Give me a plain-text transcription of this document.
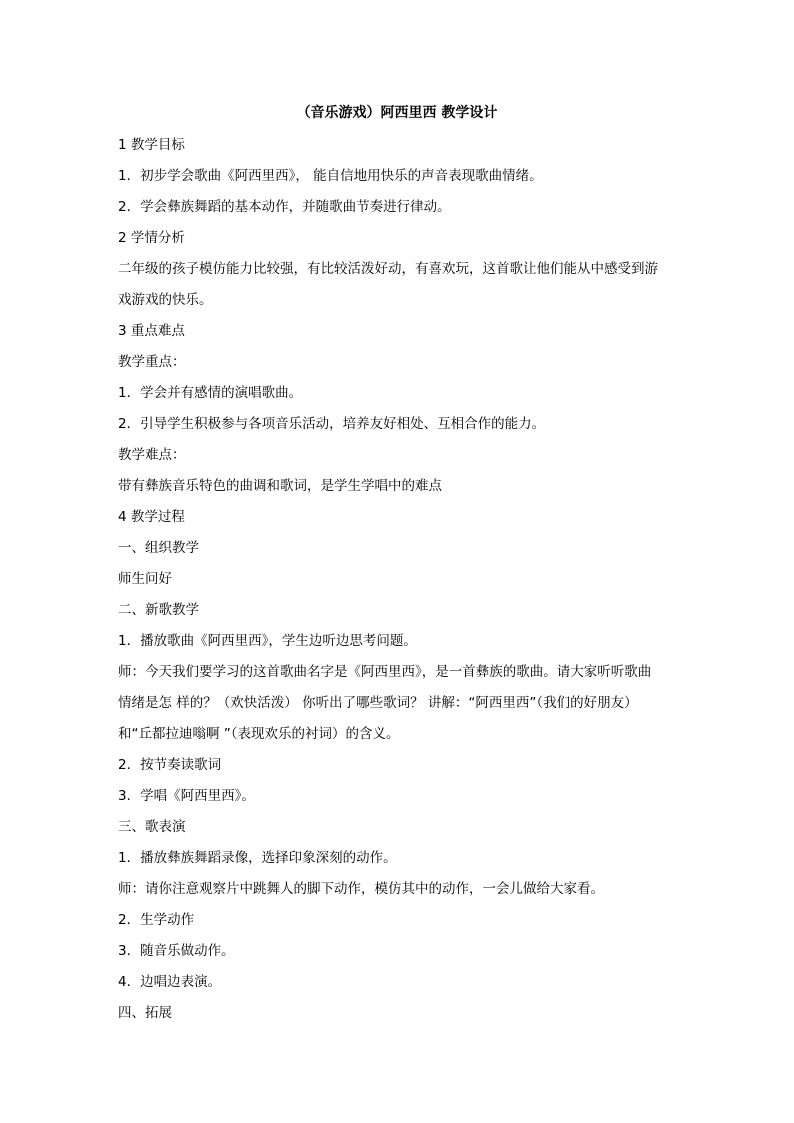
（音乐游戏）阿西里西 教学设计
1 教学目标
1．初步学会歌曲《阿西里西》， 能自信地用快乐的声音表现歌曲情绪。
2．学会彝族舞蹈的基本动作，并随歌曲节奏进行律动。
2 学情分析
二年级的孩子模仿能力比较强，有比较活泼好动，有喜欢玩，这首歌让他们能从中感受到游
戏游戏的快乐。
3 重点难点
教学重点：
1．学会并有感情的演唱歌曲。
2．引导学生积极参与各项音乐活动，培养友好相处、互相合作的能力。
教学难点：
带有彝族音乐特色的曲调和歌词，是学生学唱中的难点
4 教学过程
一、组织教学
师生问好
二、新歌教学
1．播放歌曲《阿西里西》，学生边听边思考问题。
师：今天我们要学习的这首歌曲名字是《阿西里西》，是一首彝族的歌曲。请大家听听歌曲
情绪是怎 样的？（欢快活泼） 你听出了哪些歌词？ 讲解：“阿西里西”（我们的好朋友）
和“丘都拉迪嗡啊 ”（表现欢乐的衬词）的含义。
2．按节奏读歌词
3．学唱《阿西里西》。
三、歌表演
1．播放彝族舞蹈录像，选择印象深刻的动作。
师：请你注意观察片中跳舞人的脚下动作，模仿其中的动作，一会儿做给大家看。
2．生学动作
3．随音乐做动作。
4．边唱边表演。
四、拓展
